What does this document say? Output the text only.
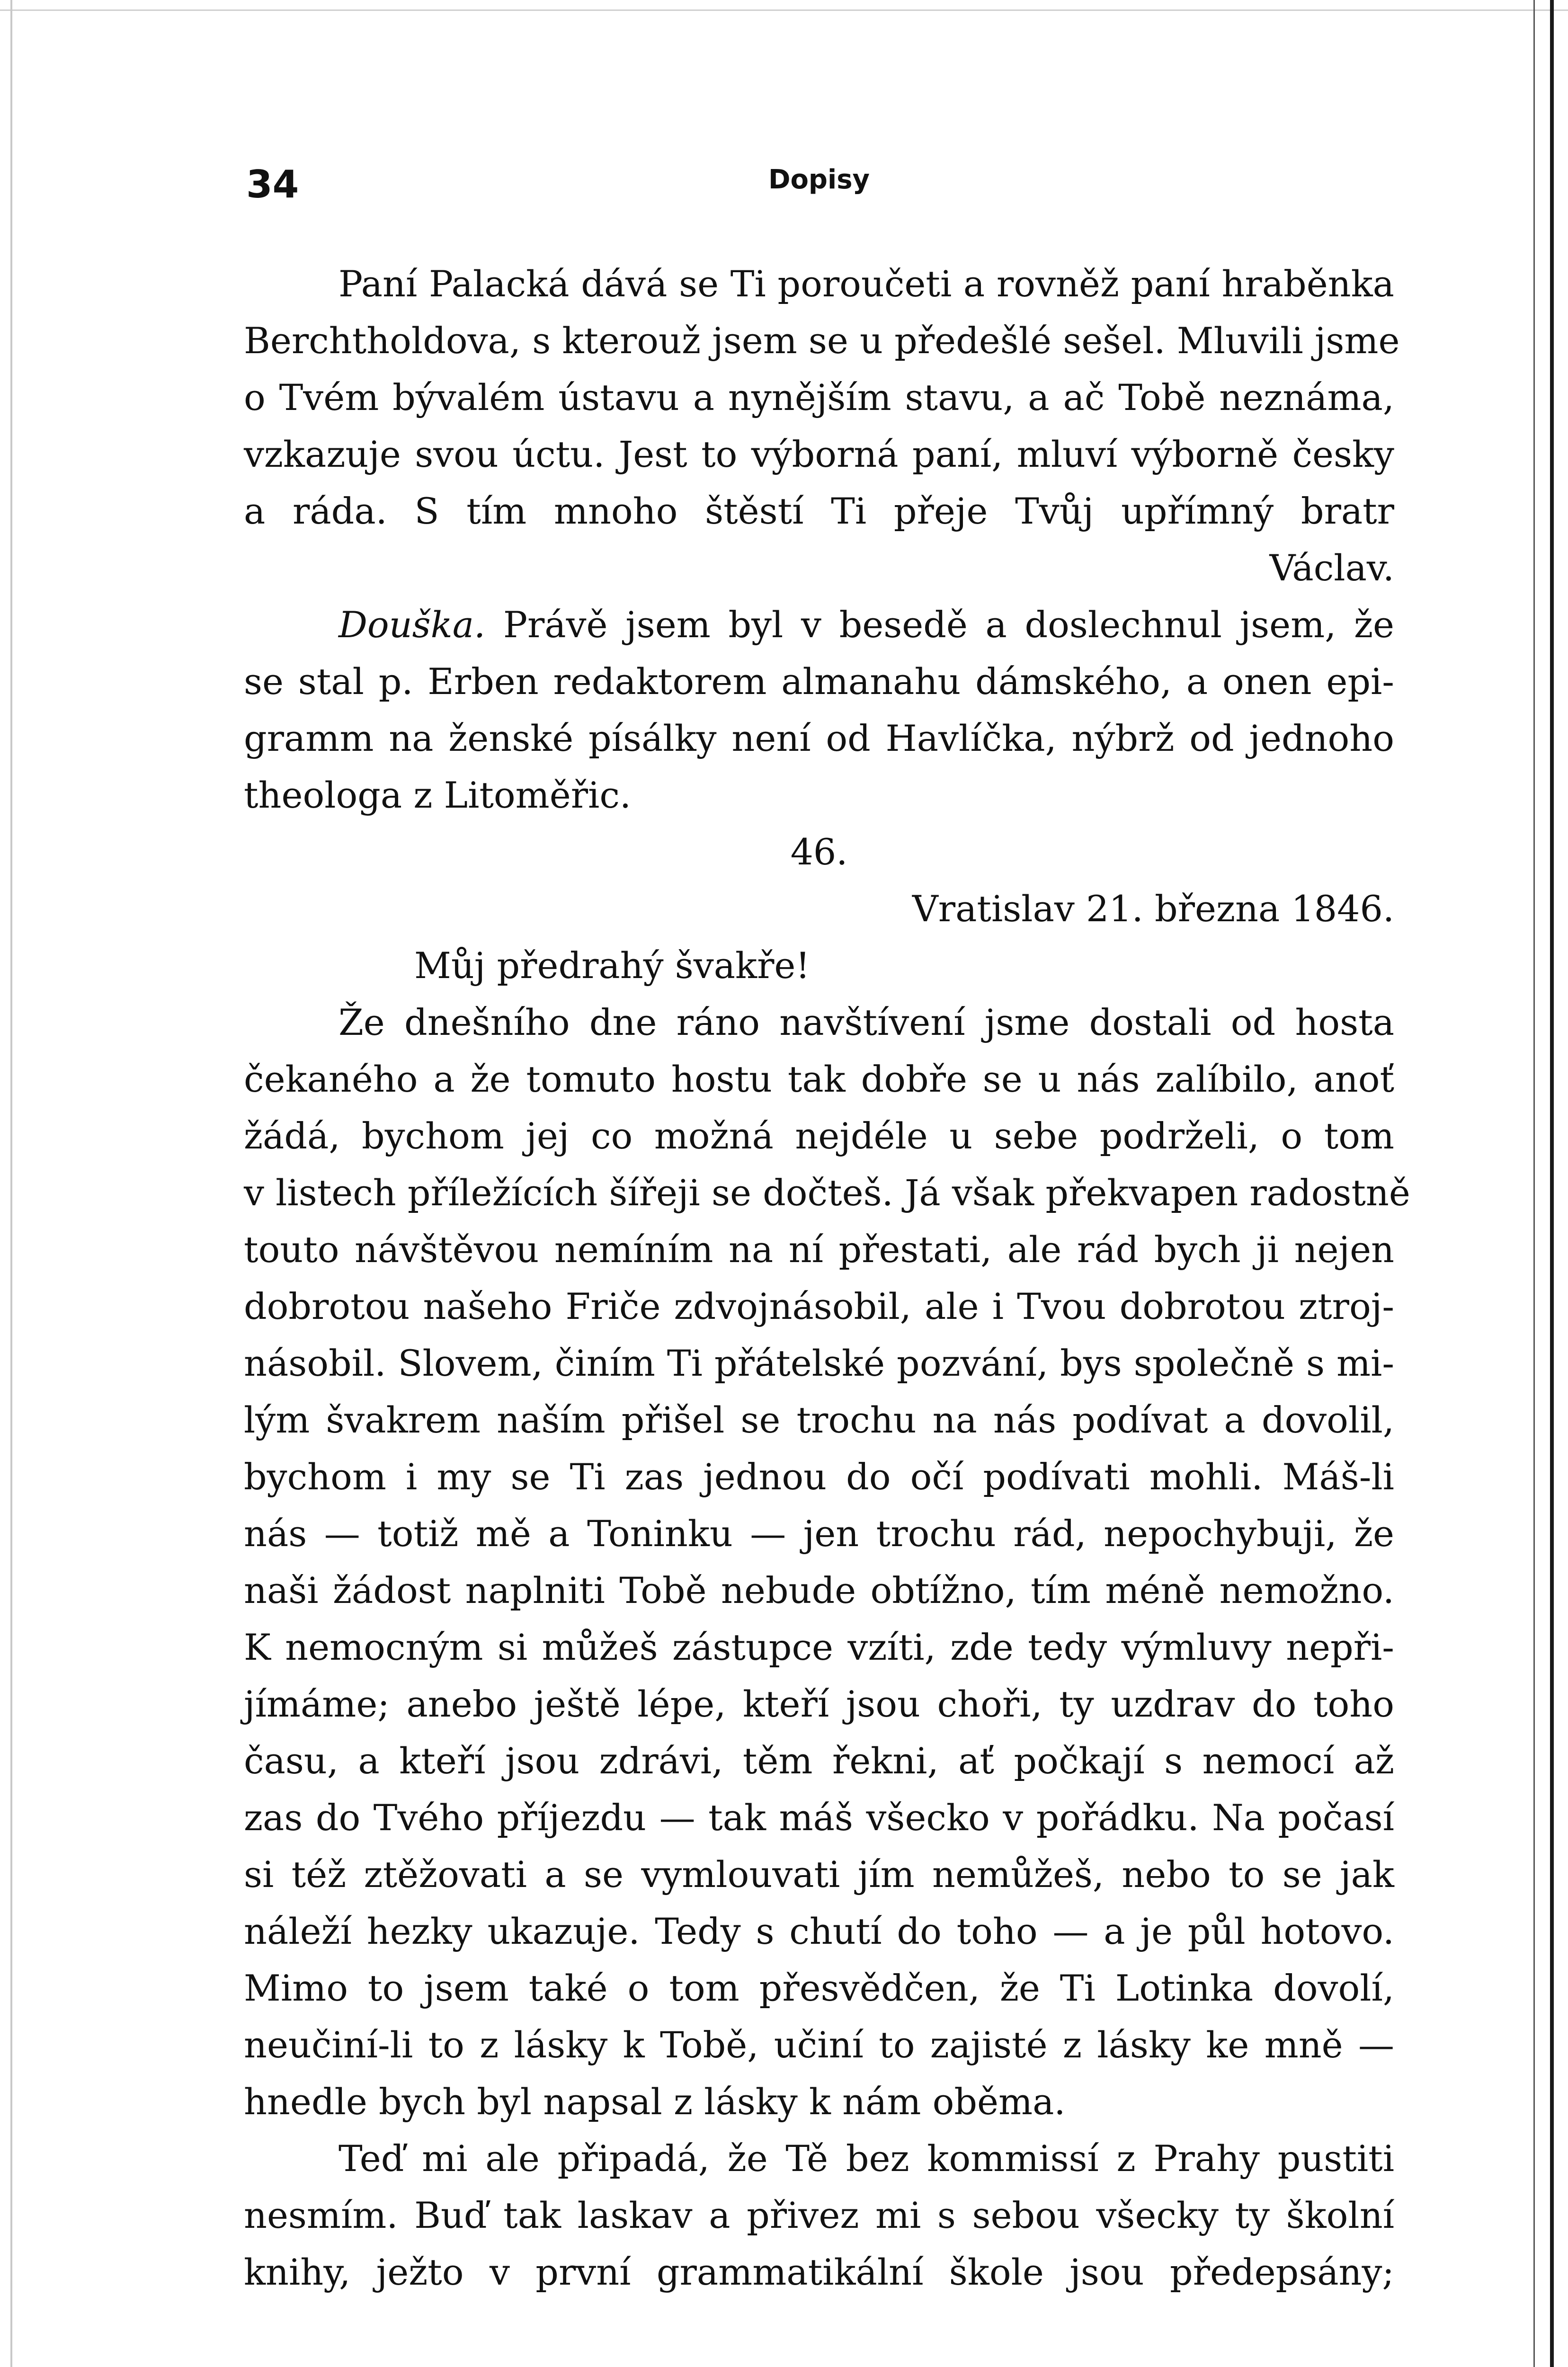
34	Dopisy
Paní Palacká dává se Ti poroučeti a rovněž paní hraběnka
Berchtholdova, s kterouž jsem se u předešlé sešel. Mluvili jsme
o Tvém bývalém ústavu a nynějším stavu, a ač Tobě neznáma,
vzkazuje svou úctu. Jest to výborná paní, mluví výborně česky
a ráda. S tím mnoho štěstí Ti přeje Tvůj upřímný bratr
Václav.
Douška. Právě jsem byl v besedě a doslechnul jsem, že
se stal p. Erben redaktorem almanahu dámského, a onen epi-
gramm na ženské písálky není od Havlíčka, nýbrž od jednoho
theologa z Litoměřic.
46.
Vratislav 21. března 1846.
Můj předrahý švakře!
Že dnešního dne ráno navštívení jsme dostali od hosta
čekaného a že tomuto hostu tak dobře se u nás zalíbilo, anoť
žádá, bychom jej co možná nejdéle u sebe podrželi, o tom
v listech příležících šířeji se dočteš. Já však překvapen radostně
touto návštěvou nemíním na ní přestati, ale rád bych ji nejen
dobrotou našeho Friče zdvojnásobil, ale i Tvou dobrotou ztroj-
násobil. Slovem, činím Ti přátelské pozvání, bys společně s mi-
lým švakrem naším přišel se trochu na nás podívat a dovolil,
bychom i my se Ti zas jednou do očí podívati mohli. Máš-li
nás — totiž mě a Toninku — jen trochu rád, nepochybuji, že
naši žádost naplniti Tobě nebude obtížno, tím méně nemožno.
K nemocným si můžeš zástupce vzíti, zde tedy výmluvy nepři-
jímáme; anebo ještě lépe, kteří jsou choři, ty uzdrav do toho
času, a kteří jsou zdrávi, těm řekni, ať počkají s nemocí až
zas do Tvého příjezdu — tak máš všecko v pořádku. Na počasí
si též ztěžovati a se vymlouvati jím nemůžeš, nebo to se jak
náleží hezky ukazuje. Tedy s chutí do toho — a je půl hotovo.
Mimo to jsem také o tom přesvědčen, že Ti Lotinka dovolí,
neučiní-li to z lásky k Tobě, učiní to zajisté z lásky ke mně —
hnedle bych byl napsal z lásky k nám oběma.
Teď mi ale připadá, že Tě bez kommissí z Prahy pustiti
nesmím. Buď tak laskav a přivez mi s sebou všecky ty školní
knihy, ježto v první grammatikální škole jsou předepsány;
